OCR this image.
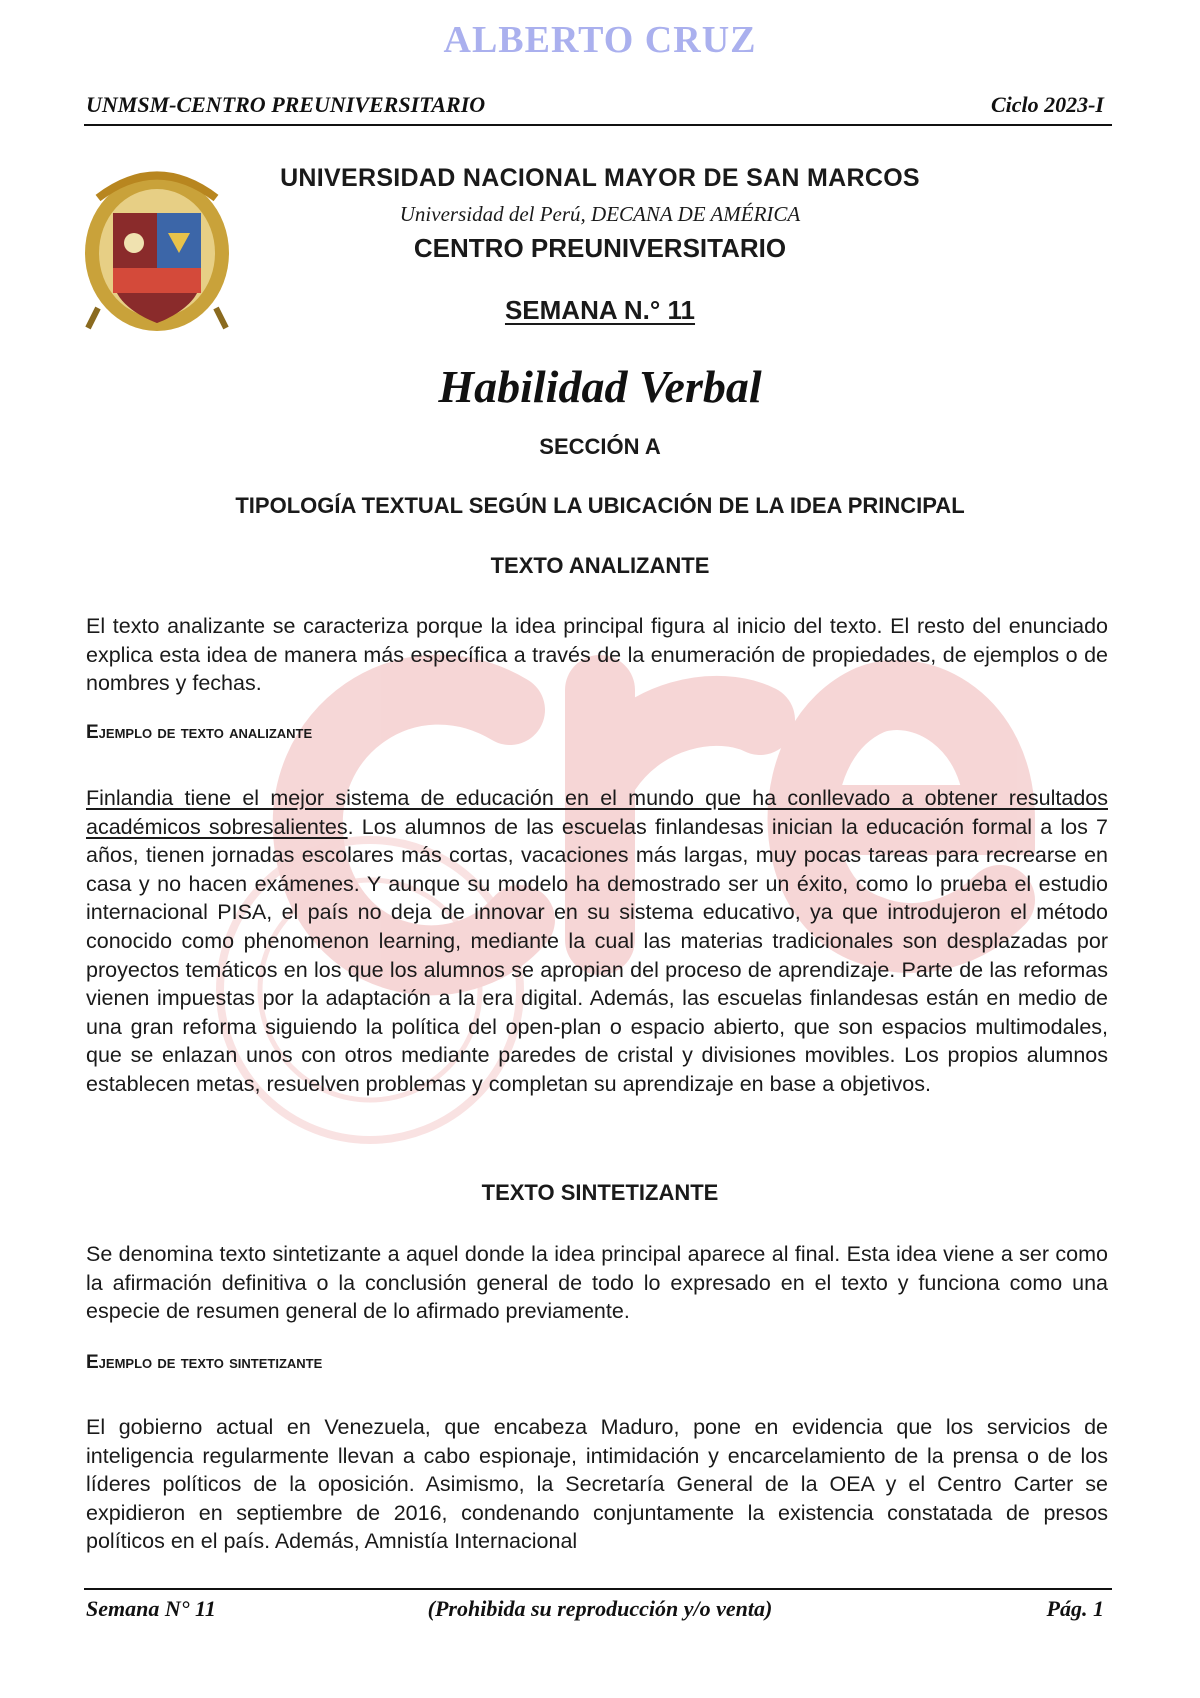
ALBERTO CRUZ
UNMSM-CENTRO PREUNIVERSITARIO	Ciclo 2023-I
UNIVERSIDAD NACIONAL MAYOR DE SAN MARCOS
Universidad del Perú, DECANA DE AMÉRICA
CENTRO PREUNIVERSITARIO
SEMANA N.° 11
Habilidad Verbal
SECCIÓN A
TIPOLOGÍA TEXTUAL SEGÚN LA UBICACIÓN DE LA IDEA PRINCIPAL
TEXTO ANALIZANTE
El texto analizante se caracteriza porque la idea principal figura al inicio del texto. El resto del enunciado explica esta idea de manera más específica a través de la enumeración de propiedades, de ejemplos o de nombres y fechas.
Ejemplo de texto analizante
Finlandia tiene el mejor sistema de educación en el mundo que ha conllevado a obtener resultados académicos sobresalientes. Los alumnos de las escuelas finlandesas inician la educación formal a los 7 años, tienen jornadas escolares más cortas, vacaciones más largas, muy pocas tareas para recrearse en casa y no hacen exámenes. Y aunque su modelo ha demostrado ser un éxito, como lo prueba el estudio internacional PISA, el país no deja de innovar en su sistema educativo, ya que introdujeron el método conocido como phenomenon learning, mediante la cual las materias tradicionales son desplazadas por proyectos temáticos en los que los alumnos se apropian del proceso de aprendizaje. Parte de las reformas vienen impuestas por la adaptación a la era digital. Además, las escuelas finlandesas están en medio de una gran reforma siguiendo la política del open-plan o espacio abierto, que son espacios multimodales, que se enlazan unos con otros mediante paredes de cristal y divisiones movibles. Los propios alumnos establecen metas, resuelven problemas y completan su aprendizaje en base a objetivos.
TEXTO SINTETIZANTE
Se denomina texto sintetizante a aquel donde la idea principal aparece al final. Esta idea viene a ser como la afirmación definitiva o la conclusión general de todo lo expresado en el texto y funciona como una especie de resumen general de lo afirmado previamente.
Ejemplo de texto sintetizante
El gobierno actual en Venezuela, que encabeza Maduro, pone en evidencia que los servicios de inteligencia regularmente llevan a cabo espionaje, intimidación y encarcelamiento de la prensa o de los líderes políticos de la oposición. Asimismo, la Secretaría General de la OEA y el Centro Carter se expidieron en septiembre de 2016, condenando conjuntamente la existencia constatada de presos políticos en el país. Además, Amnistía Internacional
Semana N° 11	(Prohibida su reproducción y/o venta)	Pág. 1
